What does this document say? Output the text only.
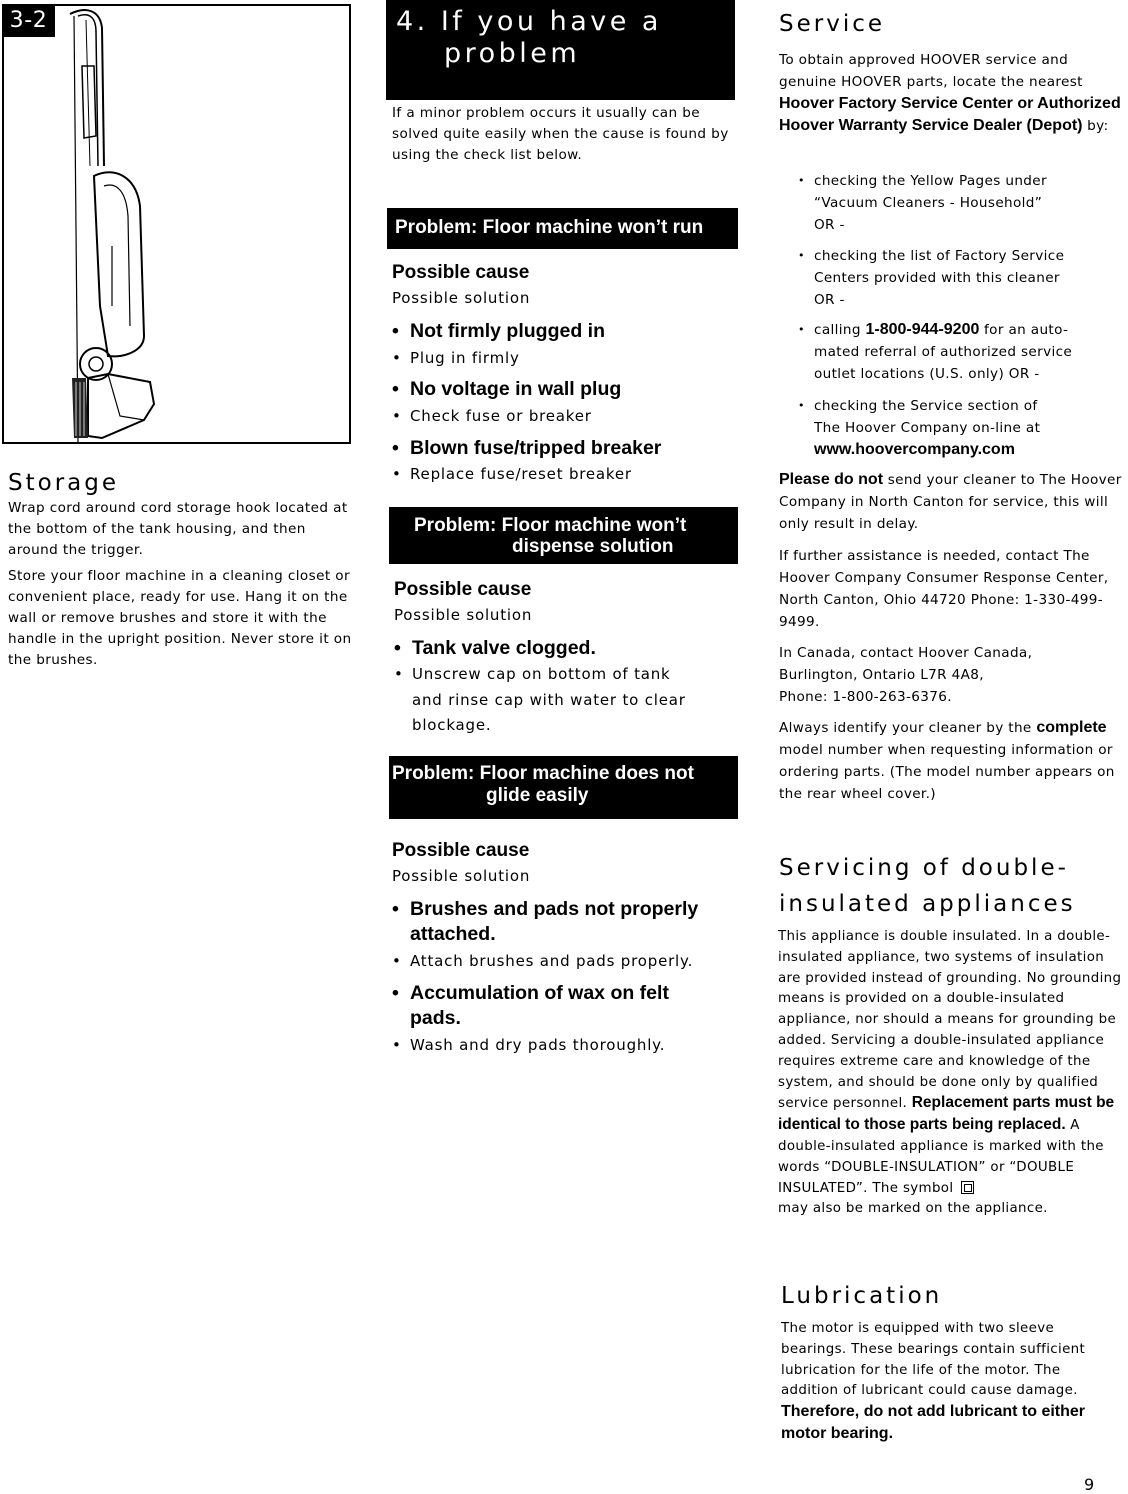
3-2
Storage

Wrap cord around cord storage hook located at the bottom of the tank housing, and then around the trigger.

Store your floor machine in a cleaning closet or convenient place, ready for use. Hang it on the wall or remove brushes and store it with the handle in the upright position. Never store it on the brushes.

4. If you have a
problem
If a minor problem occurs it usually can be solved quite easily when the cause is found by using the check list below.
Problem: Floor machine won’t run
Possible cause
Possible solution
• Not firmly plugged in
• Plug in firmly
• No voltage in wall plug
• Check fuse or breaker
• Blown fuse/tripped breaker
• Replace fuse/reset breaker
Problem: Floor machine won’t
dispense solution
Possible cause
Possible solution
• Tank valve clogged.
• Unscrew cap on bottom of tank
and rinse cap with water to clear
blockage.
Problem: Floor machine does not
glide easily
Possible cause
Possible solution
• Brushes and pads not properly
attached.
• Attach brushes and pads properly.
• Accumulation of wax on felt
pads.
• Wash and dry pads thoroughly.
Service
To obtain approved HOOVER service and genuine HOOVER parts, locate the nearest Hoover Factory Service Center or Authorized Hoover Warranty Service Dealer (Depot) by:
• checking the Yellow Pages under
“Vacuum Cleaners - Household”
OR -
• checking the list of Factory Service
Centers provided with this cleaner
OR -
• calling 1-800-944-9200 for an auto-
mated referral of authorized service
outlet locations (U.S. only) OR -
• checking the Service section of
The Hoover Company on-line at
www.hoovercompany.com
Please do not send your cleaner to The Hoover Company in North Canton for service, this will only result in delay.
If further assistance is needed, contact The Hoover Company Consumer Response Center, North Canton, Ohio 44720 Phone: 1-330-499-9499.
In Canada, contact Hoover Canada,
Burlington, Ontario L7R 4A8,
Phone: 1-800-263-6376.
Always identify your cleaner by the complete model number when requesting information or ordering parts. (The model number appears on the rear wheel cover.)
Servicing of double-
insulated appliances
This appliance is double insulated. In a double-insulated appliance, two systems of insulation are provided instead of grounding. No grounding means is provided on a double-insulated appliance, nor should a means for grounding be added. Servicing a double-insulated appliance requires extreme care and knowledge of the system, and should be done only by qualified service personnel. Replacement parts must be identical to those parts being replaced. A double-insulated appliance is marked with the words “DOUBLE-INSULATION” or “DOUBLE INSULATED”. The symbol
may also be marked on the appliance.
Lubrication
The motor is equipped with two sleeve bearings. These bearings contain sufficient lubrication for the life of the motor. The addition of lubricant could cause damage. Therefore, do not add lubricant to either motor bearing.
9
